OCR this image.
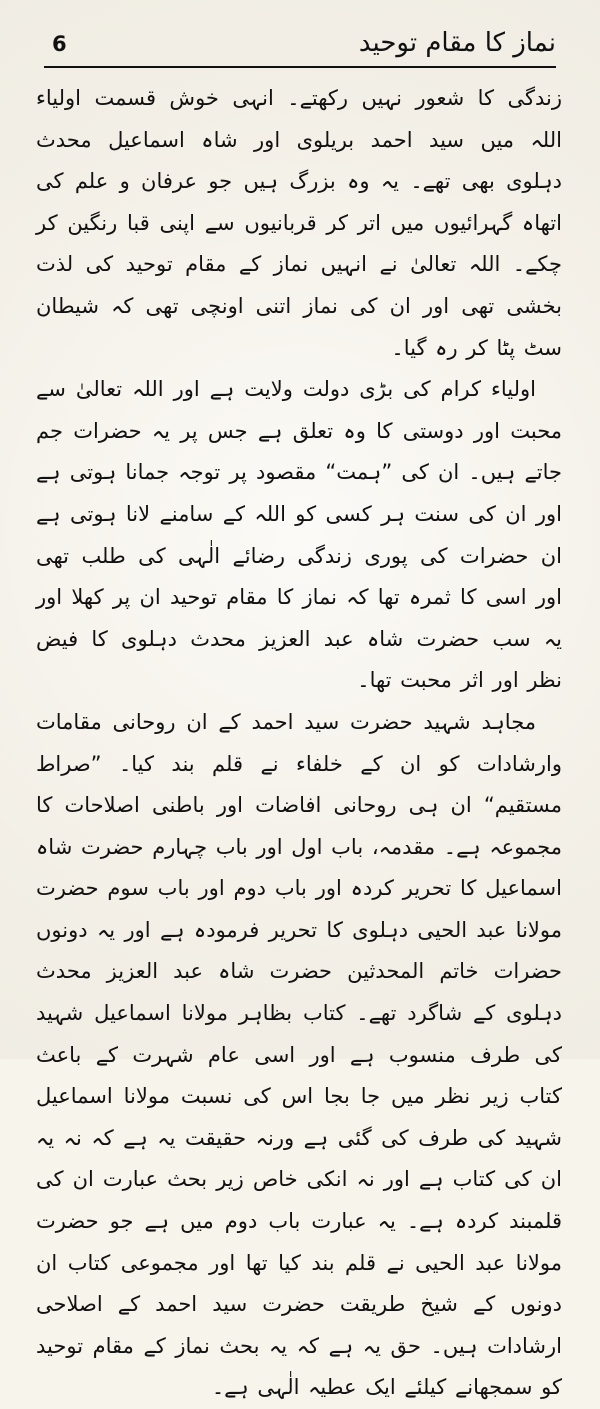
6	نماز کا مقام توحید

زندگی کا شعور نہیں رکھتے۔ انہی خوش قسمت اولیاء اللہ میں سید احمد بریلوی اور شاہ اسماعیل محدث دہلوی بھی تھے۔ یہ وہ بزرگ ہیں جو عرفان و علم کی اتھاہ گہرائیوں میں اتر کر قربانیوں سے اپنی قبا رنگین کر چکے۔ اللہ تعالیٰ نے انہیں نماز کے مقام توحید کی لذت بخشی تھی اور ان کی نماز اتنی اونچی تھی کہ شیطان سٹ پٹا کر رہ گیا۔

اولیاء کرام کی بڑی دولت ولایت ہے اور اللہ تعالیٰ سے محبت اور دوستی کا وہ تعلق ہے جس پر یہ حضرات جم جاتے ہیں۔ ان کی ”ہمت“ مقصود پر توجہ جمانا ہوتی ہے اور ان کی سنت ہر کسی کو اللہ کے سامنے لانا ہوتی ہے ان حضرات کی پوری زندگی رضائے الٰہی کی طلب تھی اور اسی کا ثمرہ تھا کہ نماز کا مقام توحید ان پر کھلا اور یہ سب حضرت شاہ عبد العزیز محدث دہلوی کا فیض نظر اور اثر محبت تھا۔

مجاہد شہید حضرت سید احمد کے ان روحانی مقامات وارشادات کو ان کے خلفاء نے قلم بند کیا۔ ”صراط مستقیم“ ان ہی روحانی افاضات اور باطنی اصلاحات کا مجموعہ ہے۔ مقدمہ، باب اول اور باب چہارم حضرت شاہ اسماعیل کا تحریر کردہ اور باب دوم اور باب سوم حضرت مولانا عبد الحیی دہلوی کا تحریر فرمودہ ہے اور یہ دونوں حضرات خاتم المحدثین حضرت شاہ عبد العزیز محدث دہلوی کے شاگرد تھے۔ کتاب بظاہر مولانا اسماعیل شہید کی طرف منسوب ہے اور اسی عام شہرت کے باعث کتاب زیر نظر میں جا بجا اس کی نسبت مولانا اسماعیل شہید کی طرف کی گئی ہے ورنہ حقیقت یہ ہے کہ نہ یہ ان کی کتاب ہے اور نہ انکی خاص زیر بحث عبارت ان کی قلمبند کردہ ہے۔ یہ عبارت باب دوم میں ہے جو حضرت مولانا عبد الحیی نے قلم بند کیا تھا اور مجموعی کتاب ان دونوں کے شیخ طریقت حضرت سید احمد کے اصلاحی ارشادات ہیں۔ حق یہ ہے کہ یہ بحث نماز کے مقام توحید کو سمجھانے کیلئے ایک عطیہ الٰہی ہے۔
